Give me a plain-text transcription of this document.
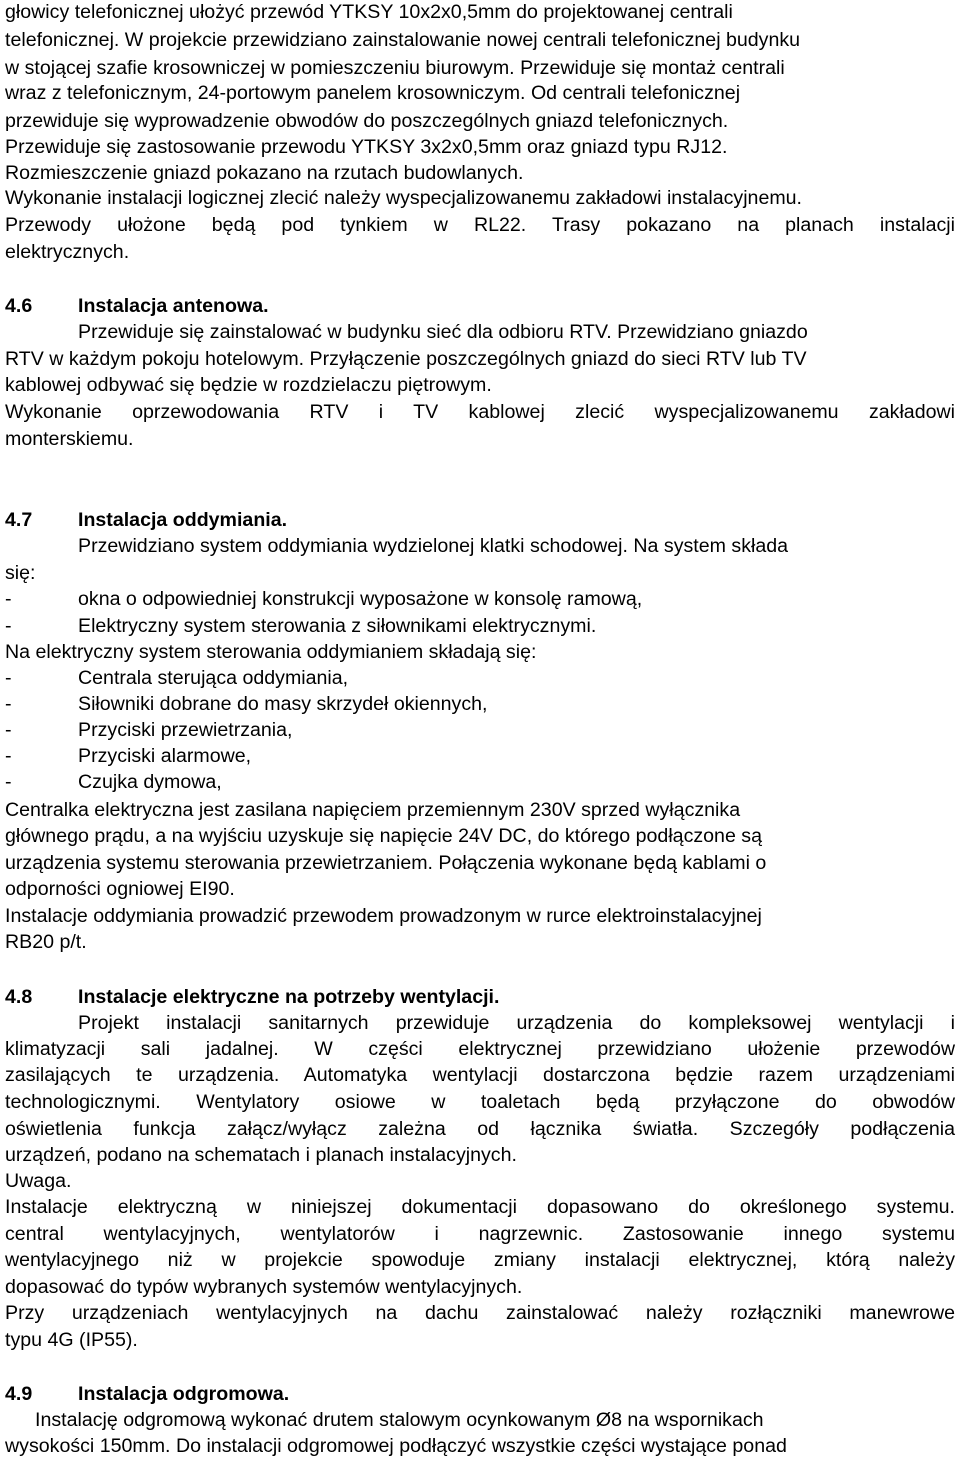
głowicy telefonicznej ułożyć przewód YTKSY 10x2x0,5mm do projektowanej centrali
telefonicznej. W projekcie przewidziano zainstalowanie nowej centrali telefonicznej budynku
w stojącej szafie krosowniczej w pomieszczeniu biurowym. Przewiduje się montaż centrali
wraz z telefonicznym, 24-portowym panelem krosowniczym. Od centrali telefonicznej
przewiduje się wyprowadzenie obwodów do poszczególnych gniazd telefonicznych.
Przewiduje się zastosowanie przewodu YTKSY 3x2x0,5mm oraz gniazd typu RJ12.
Rozmieszczenie gniazd pokazano na rzutach budowlanych.
Wykonanie instalacji logicznej zlecić należy wyspecjalizowanemu zakładowi instalacyjnemu.
Przewody ułożone będą pod tynkiem w RL22. Trasy pokazano na planach instalacji
elektrycznych.
4.6 Instalacja antenowa.
Przewiduje się zainstalować w budynku sieć dla odbioru RTV. Przewidziano gniazdo
RTV w każdym pokoju hotelowym. Przyłączenie poszczególnych gniazd do sieci RTV lub TV
kablowej odbywać się będzie w rozdzielaczu piętrowym.
Wykonanie oprzewodowania RTV i TV kablowej zlecić wyspecjalizowanemu zakładowi
monterskiemu.
4.7 Instalacja oddymiania.
Przewidziano system oddymiania wydzielonej klatki schodowej. Na system składa
się:
-	okna o odpowiedniej konstrukcji wyposażone w konsolę ramową,
-	Elektryczny system sterowania z siłownikami elektrycznymi.
Na elektryczny system sterowania oddymianiem składają się:
-	Centrala sterująca oddymiania,
-	Siłowniki dobrane do masy skrzydeł okiennych,
-	Przyciski przewietrzania,
-	Przyciski alarmowe,
-	Czujka dymowa,
Centralka elektryczna jest zasilana napięciem przemiennym 230V sprzed wyłącznika
głównego prądu, a na wyjściu uzyskuje się napięcie 24V DC, do którego podłączone są
urządzenia systemu sterowania przewietrzaniem. Połączenia wykonane będą kablami o
odporności ogniowej EI90.
Instalacje oddymiania prowadzić przewodem prowadzonym w rurce elektroinstalacyjnej
RB20 p/t.
4.8 Instalacje elektryczne na potrzeby wentylacji.
Projekt instalacji sanitarnych przewiduje urządzenia do kompleksowej wentylacji i
klimatyzacji sali jadalnej. W części elektrycznej przewidziano ułożenie przewodów
zasilających te urządzenia. Automatyka wentylacji dostarczona będzie razem urządzeniami
technologicznymi. Wentylatory osiowe w toaletach będą przyłączone do obwodów
oświetlenia funkcja załącz/wyłącz zależna od łącznika światła. Szczegóły podłączenia
urządzeń, podano na schematach i planach instalacyjnych.
Uwaga.
Instalacje elektryczną w niniejszej dokumentacji dopasowano do określonego systemu.
central wentylacyjnych, wentylatorów i nagrzewnic. Zastosowanie innego systemu
wentylacyjnego niż w projekcie spowoduje zmiany instalacji elektrycznej, którą należy
dopasować do typów wybranych systemów wentylacyjnych.
Przy urządzeniach wentylacyjnych na dachu zainstalować należy rozłączniki manewrowe
typu 4G (IP55).
4.9 Instalacja odgromowa.
Instalację odgromową wykonać drutem stalowym ocynkowanym Ø8 na wspornikach
wysokości 150mm. Do instalacji odgromowej podłączyć wszystkie części wystające ponad
